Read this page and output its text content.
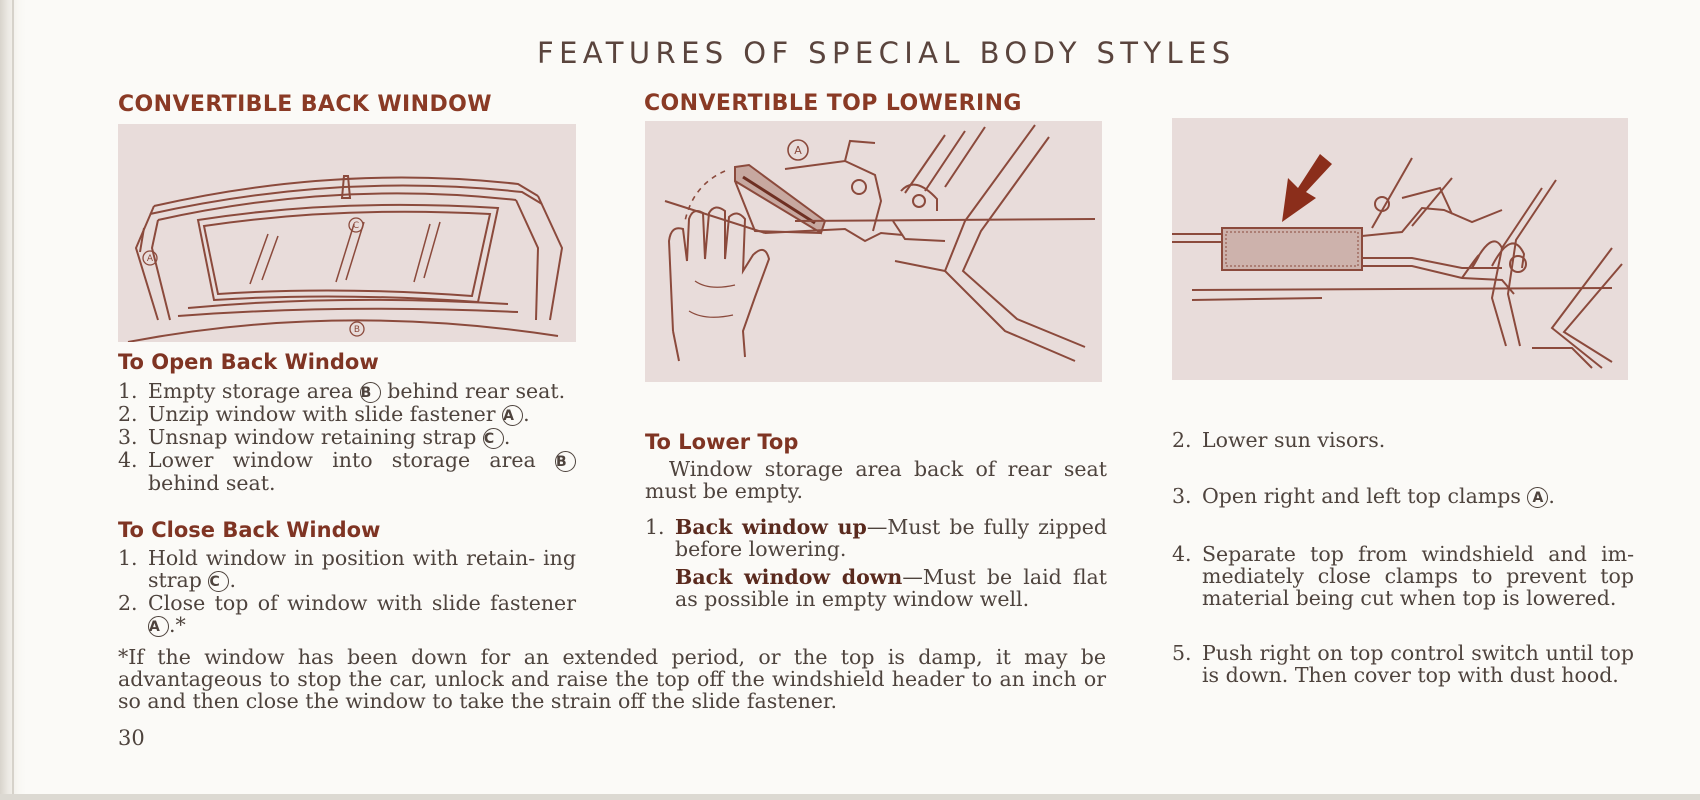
FEATURES OF SPECIAL BODY STYLES
CONVERTIBLE BACK WINDOW
A
C
B
To Open Back Window
1. Empty storage area B behind rear seat.
2. Unzip window with slide fastener A .
3. Unsnap window retaining strap C .
4. Lower window into storage area B behind seat.
To Close Back Window
1. Hold window in position with retain- ing strap C .
2. Close top of window with slide fastener A .*
*If the window has been down for an extended period, or the top is damp, it may be advantageous to stop the car, unlock and raise the top off the windshield header to an inch or so and then close the window to take the strain off the slide fastener.
30
CONVERTIBLE TOP LOWERING
A
To Lower Top
Window storage area back of rear seat must be empty.
1. Back window up—Must be fully zipped before lowering.
Back window down—Must be laid flat as possible in empty window well.
2. Lower sun visors.
3. Open right and left top clamps A .
4. Separate top from windshield and im- mediately close clamps to prevent top material being cut when top is lowered.
5. Push right on top control switch until top is down. Then cover top with dust hood.
